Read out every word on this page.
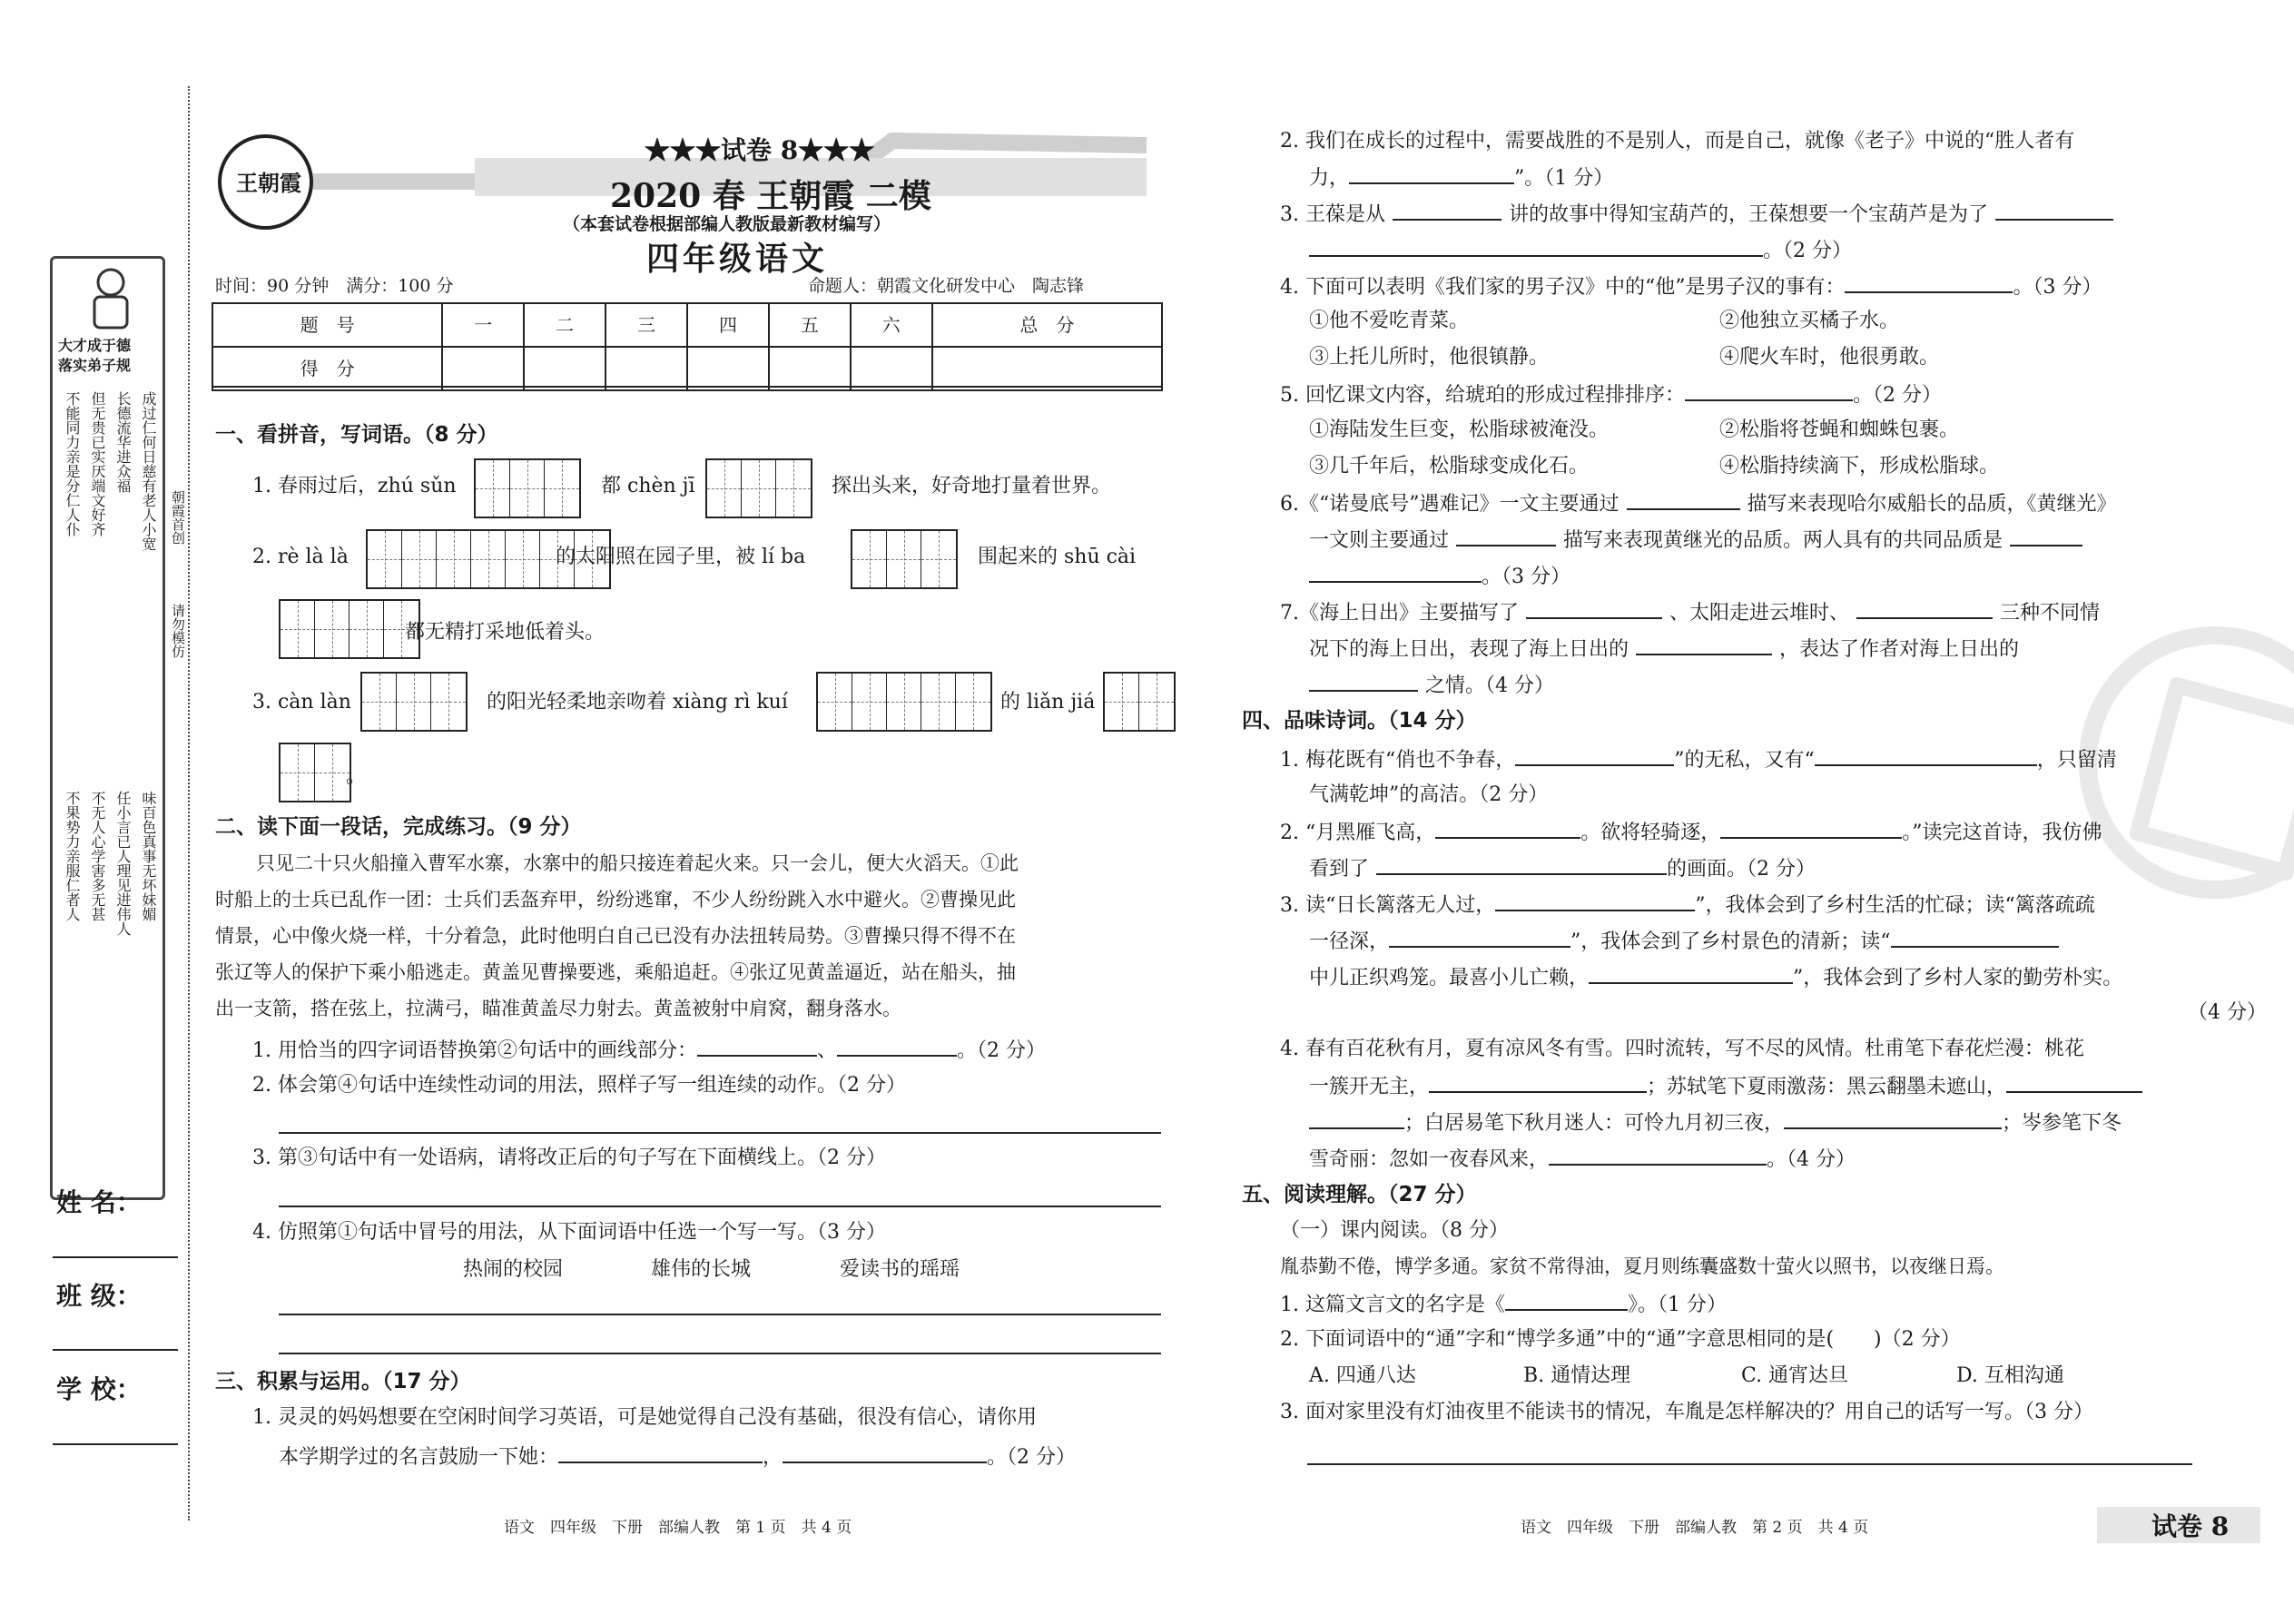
大才成于德
落实弟子规
不能同力亲是分仁人仆 但无贵已实厌端文好齐 长德流华进众福 成过仁何日慈有老人小宽
不果势力亲服仁者人 不无人心学害多无甚 任小言已人理见进伟人 味百色真事无坏妹媚
朝霞首创
请勿模仿
姓 名：
班 级：
学 校：
王朝霞
★★★试卷 8★★★
2020 春 王朝霞 二模
（本套试卷根据部编人教版最新教材编写）
四年级语文
时间：90 分钟　满分：100 分	命题人：朝霞文化研发中心　陶志锋
题　号	一	二	三	四	五	六	总　分
得　分							
一、看拼音，写词语。（8 分）
1. 春雨过后，zhú sǔn	都 chèn jī	探出头来，好奇地打量着世界。
2. rè là là	的太阳照在园子里，被 lí ba	围起来的 shū cài
都无精打采地低着头。
3. càn làn	的阳光轻柔地亲吻着 xiàng rì kuí	的 liǎn jiá
。
二、读下面一段话，完成练习。（9 分）
只见二十只火船撞入曹军水寨，水寨中的船只接连着起火来。只一会儿，便大火滔天。①此
时船上的士兵已乱作一团：士兵们丢盔弃甲，纷纷逃窜，不少人纷纷跳入水中避火。②曹操见此
情景，心中像火烧一样，十分着急，此时他明白自己已没有办法扭转局势。③曹操只得不得不在
张辽等人的保护下乘小船逃走。黄盖见曹操要逃，乘船追赶。④张辽见黄盖逼近，站在船头，抽
出一支箭，搭在弦上，拉满弓，瞄准黄盖尽力射去。黄盖被射中肩窝，翻身落水。
1. 用恰当的四字词语替换第②句话中的画线部分：	、	。（2 分）
2. 体会第④句话中连续性动词的用法，照样子写一组连续的动作。（2 分）
3. 第③句话中有一处语病，请将改正后的句子写在下面横线上。（2 分）
4. 仿照第①句话中冒号的用法，从下面词语中任选一个写一写。（3 分）
热闹的校园	雄伟的长城	爱读书的瑶瑶
三、积累与运用。（17 分）
1. 灵灵的妈妈想要在空闲时间学习英语，可是她觉得自己没有基础，很没有信心，请你用
本学期学过的名言鼓励一下她：	，	。（2 分）
语文　四年级　下册　部编人教　第 1 页　共 4 页
2. 我们在成长的过程中，需要战胜的不是别人，而是自己，就像《老子》中说的“胜人者有
力，	”。（1 分）
3. 王葆是从	讲的故事中得知宝葫芦的，王葆想要一个宝葫芦是为了
。（2 分）
4. 下面可以表明《我们家的男子汉》中的“他”是男子汉的事有：	。（3 分）
①他不爱吃青菜。	②他独立买橘子水。
③上托儿所时，他很镇静。	④爬火车时，他很勇敢。
5. 回忆课文内容，给琥珀的形成过程排排序：	。（2 分）
①海陆发生巨变，松脂球被淹没。	②松脂将苍蝇和蜘蛛包裹。
③几千年后，松脂球变成化石。	④松脂持续滴下，形成松脂球。
6.《“诺曼底号”遇难记》一文主要通过	描写来表现哈尔威船长的品质，《黄继光》
一文则主要通过	描写来表现黄继光的品质。两人具有的共同品质是
。（3 分）
7.《海上日出》主要描写了	、太阳走进云堆时、	三种不同情
况下的海上日出，表现了海上日出的	，表达了作者对海上日出的
之情。（4 分）
四、品味诗词。（14 分）
1. 梅花既有“俏也不争春，	”的无私，又有“	，只留清
气满乾坤”的高洁。（2 分）
2. “月黑雁飞高，	。欲将轻骑逐，	。”读完这首诗，我仿佛
看到了	的画面。（2 分）
3. 读“日长篱落无人过，	”，我体会到了乡村生活的忙碌；读“篱落疏疏
一径深，	”，我体会到了乡村景色的清新；读“
中儿正织鸡笼。最喜小儿亡赖，	”，我体会到了乡村人家的勤劳朴实。
（4 分）
4. 春有百花秋有月，夏有凉风冬有雪。四时流转，写不尽的风情。杜甫笔下春花烂漫：桃花
一簇开无主，	；苏轼笔下夏雨激荡：黑云翻墨未遮山，
；白居易笔下秋月迷人：可怜九月初三夜，	；岑参笔下冬
雪奇丽：忽如一夜春风来，	。（4 分）
五、阅读理解。（27 分）
（一）课内阅读。（8 分）
胤恭勤不倦，博学多通。家贫不常得油，夏月则练囊盛数十萤火以照书，以夜继日焉。
1. 这篇文言文的名字是《	》。（1 分）
2. 下面词语中的“通”字和“博学多通”中的“通”字意思相同的是(　　)（2 分）
A. 四通八达	B. 通情达理	C. 通宵达旦	D. 互相沟通
3. 面对家里没有灯油夜里不能读书的情况，车胤是怎样解决的？用自己的话写一写。（3 分）
语文　四年级　下册　部编人教　第 2 页　共 4 页	试卷 8
